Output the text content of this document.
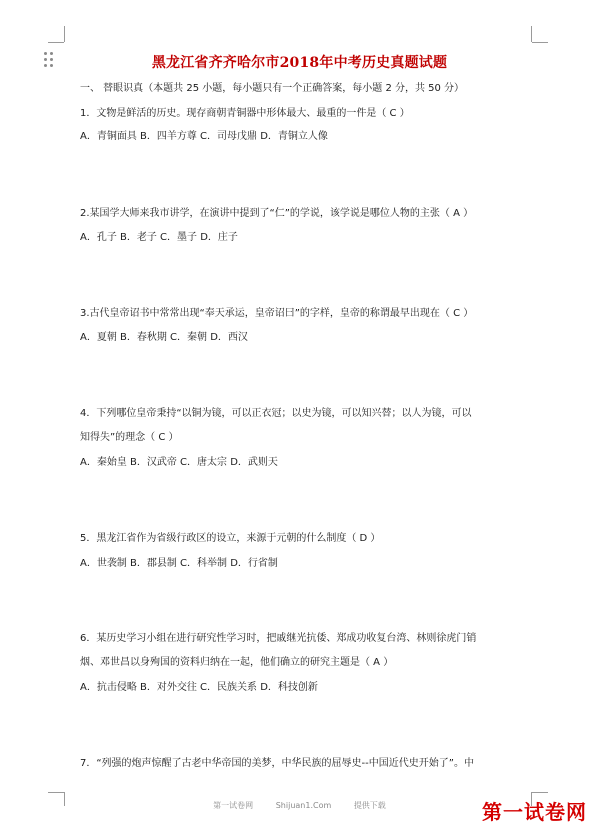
黑龙江省齐齐哈尔市2018年中考历史真题试题
一、 替眼识真（本题共 25 小题，每小题只有一个正确答案，每小题 2 分，共 50 分）
1．文物是鲜活的历史。现存商朝青铜器中形体最大、最重的一件是（ C ）
A．青铜面具 B．四羊方尊 C．司母戊鼎 D．青铜立人像
2.某国学大师来我市讲学，在演讲中提到了“仁”的学说，该学说是哪位人物的主张（ A ）
A．孔子 B．老子 C．墨子 D．庄子
3.古代皇帝诏书中常常出现“奉天承运，皇帝诏曰”的字样，皇帝的称谓最早出现在（ C ）
A．夏朝 B．春秋期 C．秦朝 D．西汉
4．下列哪位皇帝秉持“以铜为镜，可以正衣冠；以史为镜，可以知兴替；以人为镜，可以
知得失”的理念（ C ）
A．秦始皇 B．汉武帝 C．唐太宗 D．武则天
5．黑龙江省作为省级行政区的设立，来源于元朝的什么制度（ D ）
A．世袭制 B．郡县制 C．科举制 D．行省制
6．某历史学习小组在进行研究性学习时，把戚继光抗倭、郑成功收复台湾、林则徐虎门销
烟、邓世昌以身殉国的资料归纳在一起，他们确立的研究主题是（ A ）
A．抗击侵略 B．对外交往 C．民族关系 D．科技创新
7．“列强的炮声惊醒了古老中华帝国的美梦，中华民族的屈辱史--中国近代史开始了”。中
第一试卷网	Shijuan1.Com	提供下载	第一试卷网
